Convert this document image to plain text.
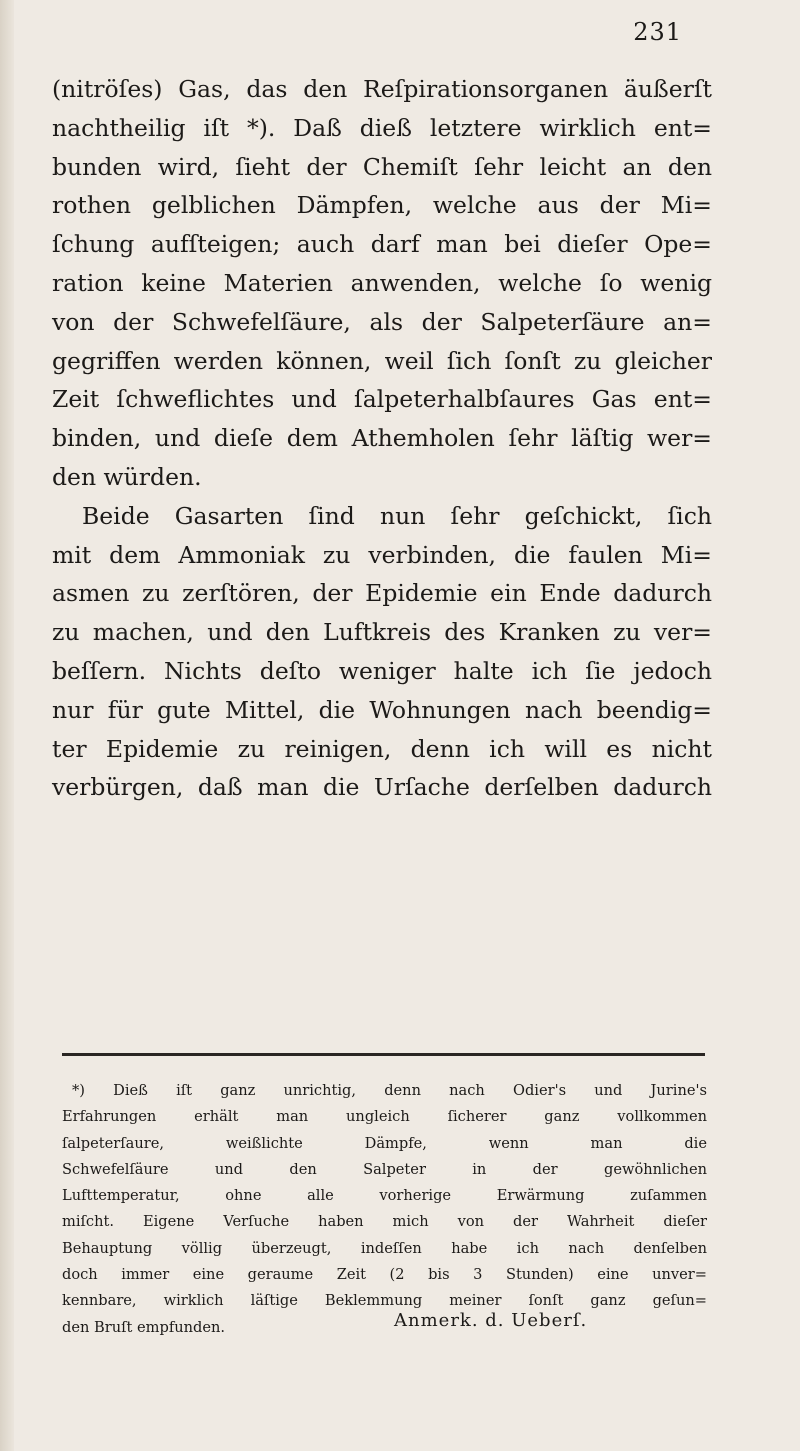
231
(nitröſes) Gas, das den Reſpirationsorganen äußerſt
nachtheilig iſt *). Daß dieß letztere wirklich ent=
bunden wird, ſieht der Chemiſt ſehr leicht an den
rothen gelblichen Dämpfen, welche aus der Mi=
ſchung aufſteigen; auch darf man bei dieſer Ope=
ration keine Materien anwenden, welche ſo wenig
von der Schwefelſäure, als der Salpeterſäure an=
gegriffen werden können, weil ſich ſonſt zu gleicher
Zeit ſchweflichtes und ſalpeterhalbſaures Gas ent=
binden, und dieſe dem Athemholen ſehr läſtig wer=
den würden.
Beide Gasarten ſind nun ſehr geſchickt, ſich
mit dem Ammoniak zu verbinden, die faulen Mi=
asmen zu zerſtören, der Epidemie ein Ende dadurch
zu machen, und den Luftkreis des Kranken zu ver=
beſſern. Nichts deſto weniger halte ich ſie jedoch
nur für gute Mittel, die Wohnungen nach beendig=
ter Epidemie zu reinigen, denn ich will es nicht
verbürgen, daß man die Urſache derſelben dadurch
*) Dieß iſt ganz unrichtig, denn nach Odier's und Jurine's
Erfahrungen erhält man ungleich ſicherer ganz vollkommen
ſalpeterſaure, weißlichte Dämpfe, wenn man die
Schwefelſäure und den Salpeter in der gewöhnlichen
Lufttemperatur, ohne alle vorherige Erwärmung zuſammen
miſcht. Eigene Verſuche haben mich von der Wahrheit dieſer
Behauptung völlig überzeugt, indeſſen habe ich nach denſelben
doch immer eine geraume Zeit (2 bis 3 Stunden) eine unver=
kennbare, wirklich läſtige Beklemmung meiner ſonſt ganz geſun=
den Bruſt empfunden.	Anmerk. d. Ueberſ.
